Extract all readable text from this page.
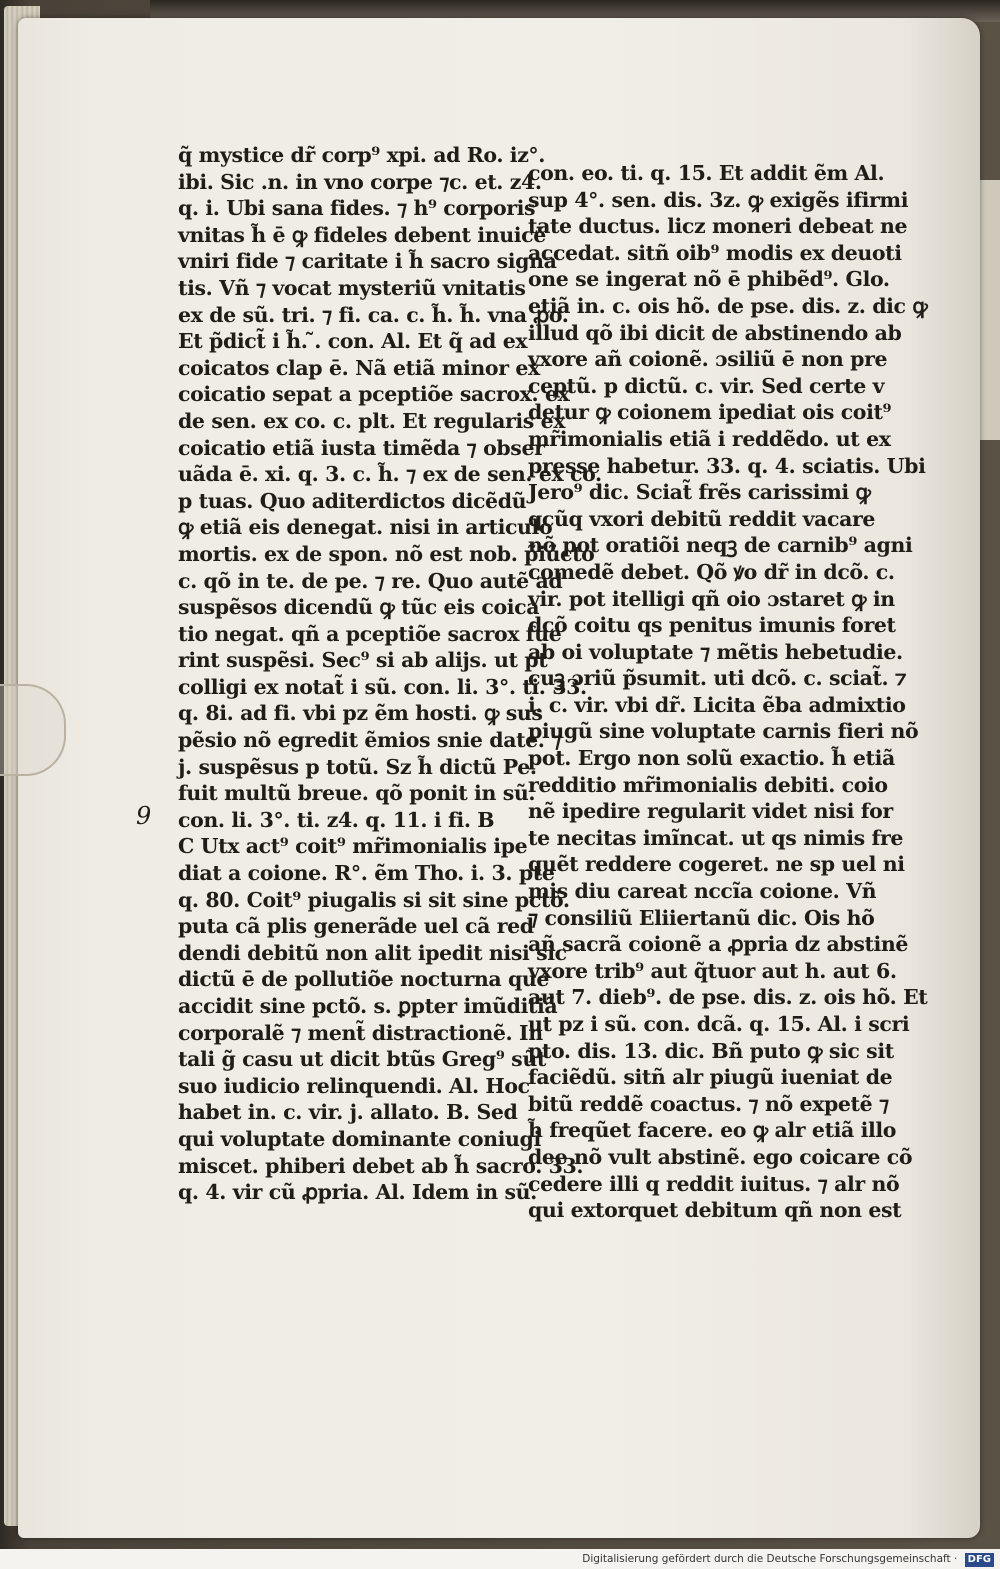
q̃ mystice dr̃ corp⁹ xpi. ad Ro. iz°.
ibi. Sic .n. in vno corpe ⁊c. et. z4.
q. i. Ubi sana fides. ⁊ h⁹ corporis
vnitas h̃ ē ꝙ fideles debent inuicē
vniri fide ⁊ caritate i h̃ sacro signa
tis. Vñ ⁊ vocat mysteriũ vnitatis
ex de sũ. tri. ⁊ fi. ca. c. h̃. h̃. vna ꝓo.
Et p̃dict̃ i h̃. ̃. con. Al. Et q̃ ad ex
coicatos clap ē. Nã etiã minor ex
coicatio sepat a pceptiõe sacrox. ex
de sen. ex co. c. plt. Et regularis ex
coicatio etiã iusta timẽda ⁊ obser
uãda ē. xi. q. 3. c. h̃. ⁊ ex de sen. ex co.
p tuas. Quo aditerdictos dicẽdũ
ꝙ etiã eis denegat. nisi in articulo
mortis. ex de spon. nõ est nob. p̃iũcto
c. qõ in te. de pe. ⁊ re. Quo autẽ ad
suspẽsos dicendũ ꝙ tũc eis coica
tio negat. qñ a pceptiõe sacrox fue
rint suspẽsi. Sec⁹ si ab alijs. ut pt
colligi ex notat̃ i sũ. con. li. 3°. ti. 33.
q. 8i. ad fi. vbi pz ẽm hosti. ꝙ sus
pẽsio nõ egredit ẽmios snie date. ⁊
j. suspẽsus p totũ. Sz h̃ dictũ Pe.
fuit multũ breue. qõ ponit in sũ.
con. li. 3°. ti. z4. q. 11. i fi. B
C Utx act⁹ coit⁹ mr̃imonialis ipe
diat a coione. R°. ẽm Tho. i. 3. pte
q. 80. Coit⁹ piugalis si sit sine pctõ.
puta cã plis generãde uel cã red
dendi debitũ non alit ipedit nisi sic
dictũ ē de pollutiõe nocturna que
accidit sine pctõ. s. ꝑpter imũditiã
corporalẽ ⁊ ment̃ distractionẽ. In
tali g̃ casu ut dicit btũs Greg⁹ sũt
suo iudicio relinquendi. Al. Hoc
habet in. c. vir. j. allato. B. Sed
qui voluptate dominante coniugi
miscet. phiberi debet ab h̃ sacro. 33.
q. 4. vir cũ ꝓpria. Al. Idem in sũ.
con. eo. ti. q. 15. Et addit ẽm Al.
sup 4°. sen. dis. 3z. ꝙ exigẽs ifirmi
tate ductus. licz moneri debeat ne
accedat. sitñ oib⁹ modis ex deuoti
one se ingerat nõ ē phibẽd⁹. Glo.
etiã in. c. ois hõ. de pse. dis. z. dic ꝙ
illud qõ ibi dicit de abstinendo ab
vxore añ coionẽ. ɔsiliũ ē non pre
ceptũ. p dictũ. c. vir. Sed certe v
detur ꝙ coionem ipediat ois coit⁹
mr̃imonialis etiã i reddẽdo. ut ex
presse habetur. 33. q. 4. sciatis. Ubi
Jero⁹ dic. Sciat̃ frẽs carissimi ꝙ
qcũq vxori debitũ reddit vacare
nõ pot oratiõi neqꝫ de carnib⁹ agni
comedẽ debet. Qõ ꝟo dr̃ in dcõ. c.
vir. pot itelligi qñ oio ɔstaret ꝙ in
dcõ coitu qs penitus imunis foret
ab oi voluptate ⁊ mẽtis hebetudie.
cuꝫ ɔriũ p̃sumit. uti dcõ. c. sciat̃. ⁊
i. c. vir. vbi dr̃. Licita ẽba admixtio
piugũ sine voluptate carnis fieri nõ
pot. Ergo non solũ exactio. h̃ etiã
redditio mr̃imonialis debiti. coio
nẽ ipedire regularit videt nisi for
te necitas imĩncat. ut qs nimis fre
quẽt reddere cogeret. ne sp uel ni
mis diu careat nccĩa coione. Vñ
⁊ consiliũ Eliiertanũ dic. Ois hõ
añ sacrã coionẽ a ꝓpria dz abstinẽ
vxore trib⁹ aut q̃tuor aut h. aut 6.
aut 7. dieb⁹. de pse. dis. z. ois hõ. Et
ut pz i sũ. con. dcã. q. 15. Al. i scri
pto. dis. 13. dic. Bñ puto ꝙ sic sit
faciẽdũ. sitñ alr piugũ iueniat de
bitũ reddẽ coactus. ⁊ nõ expetẽ ⁊
h̃ freqũet facere. eo ꝙ alr etiã illo
dee nõ vult abstinẽ. ego coicare cõ
cedere illi q reddit iuitus. ⁊ alr nõ
qui extorquet debitum qñ non est
9
Digitalisierung gefördert durch die Deutsche Forschungsgemeinschaft · DFG
